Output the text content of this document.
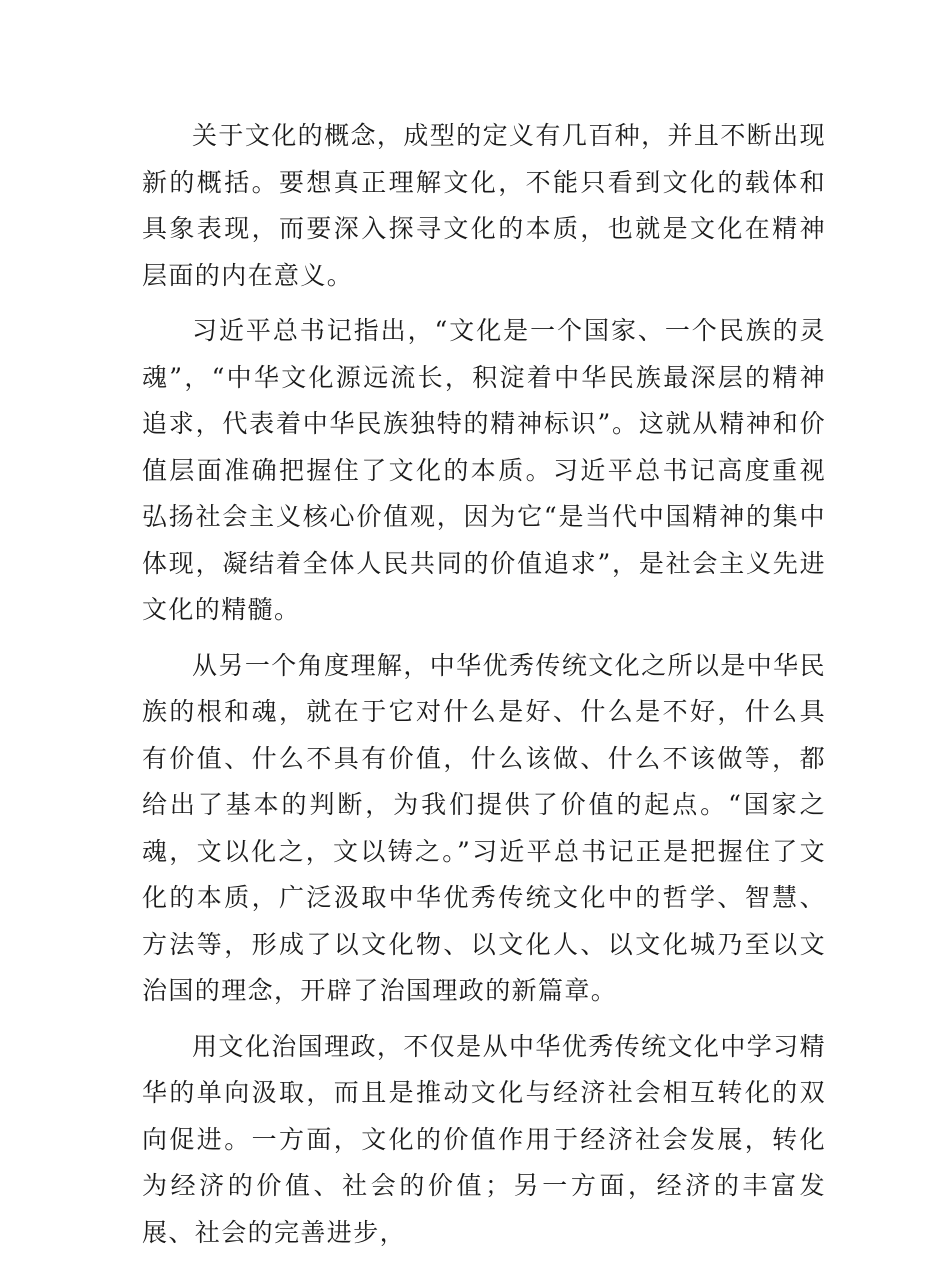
关于文化的概念，成型的定义有几百种，并且不断出现新的概括。要想真正理解文化，不能只看到文化的载体和具象表现，而要深入探寻文化的本质，也就是文化在精神层面的内在意义。

习近平总书记指出，“文化是一个国家、一个民族的灵魂”，“中华文化源远流长，积淀着中华民族最深层的精神追求，代表着中华民族独特的精神标识”。这就从精神和价值层面准确把握住了文化的本质。习近平总书记高度重视弘扬社会主义核心价值观，因为它“是当代中国精神的集中体现，凝结着全体人民共同的价值追求”，是社会主义先进文化的精髓。

从另一个角度理解，中华优秀传统文化之所以是中华民族的根和魂，就在于它对什么是好、什么是不好，什么具有价值、什么不具有价值，什么该做、什么不该做等，都给出了基本的判断，为我们提供了价值的起点。“国家之魂，文以化之，文以铸之。”习近平总书记正是把握住了文化的本质，广泛汲取中华优秀传统文化中的哲学、智慧、方法等，形成了以文化物、以文化人、以文化城乃至以文治国的理念，开辟了治国理政的新篇章。

用文化治国理政，不仅是从中华优秀传统文化中学习精华的单向汲取，而且是推动文化与经济社会相互转化的双向促进。一方面，文化的价值作用于经济社会发展，转化为经济的价值、社会的价值；另一方面，经济的丰富发展、社会的完善进步，
